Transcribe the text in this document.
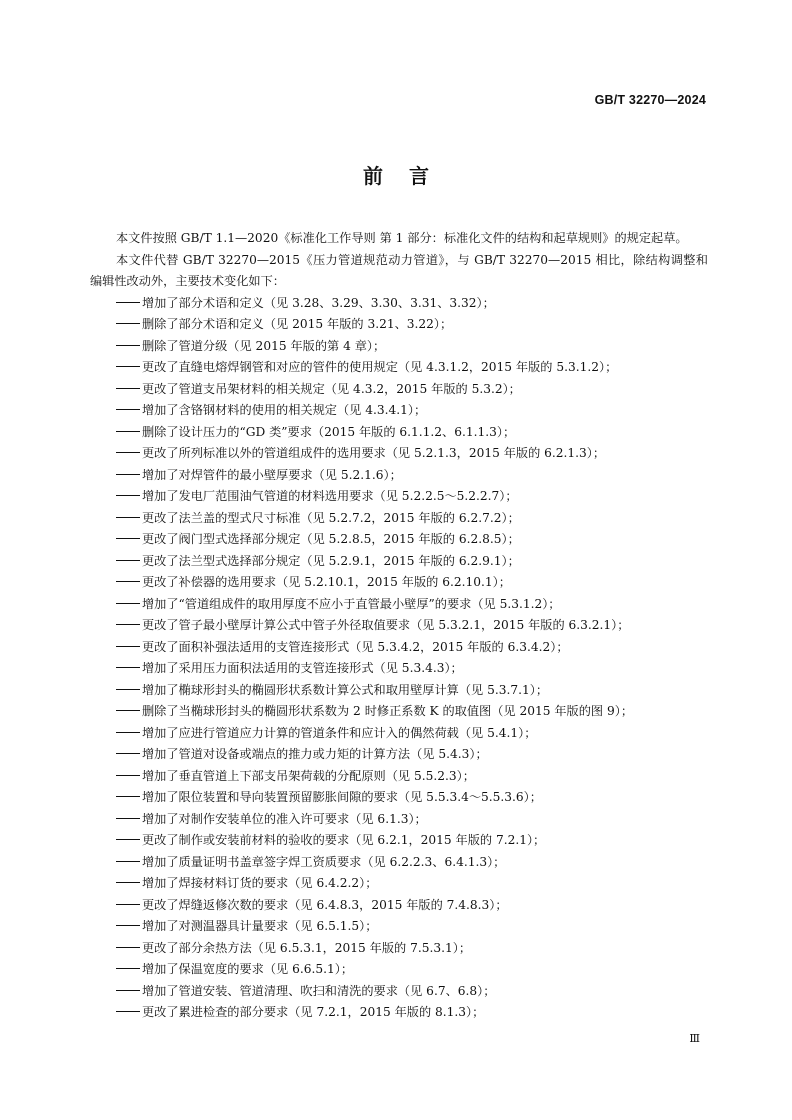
GB/T 32270—2024
前言

本文件按照 GB/T 1.1—2020《标准化工作导则 第 1 部分：标准化文件的结构和起草规则》的规定起草。

本文件代替 GB/T 32270—2015《压力管道规范动力管道》，与 GB/T 32270—2015 相比，除结构调整和编辑性改动外，主要技术变化如下：

增加了部分术语和定义（见 3.28、3.29、3.30、3.31、3.32）；
删除了部分术语和定义（见 2015 年版的 3.21、3.22）；
删除了管道分级（见 2015 年版的第 4 章）；
更改了直缝电熔焊钢管和对应的管件的使用规定（见 4.3.1.2，2015 年版的 5.3.1.2）；
更改了管道支吊架材料的相关规定（见 4.3.2，2015 年版的 5.3.2）；
增加了含铬钢材料的使用的相关规定（见 4.3.4.1）；
删除了设计压力的“GD 类”要求（2015 年版的 6.1.1.2、6.1.1.3）；
更改了所列标准以外的管道组成件的选用要求（见 5.2.1.3，2015 年版的 6.2.1.3）；
增加了对焊管件的最小壁厚要求（见 5.2.1.6）；
增加了发电厂范围油气管道的材料选用要求（见 5.2.2.5～5.2.2.7）；
更改了法兰盖的型式尺寸标准（见 5.2.7.2，2015 年版的 6.2.7.2）；
更改了阀门型式选择部分规定（见 5.2.8.5，2015 年版的 6.2.8.5）；
更改了法兰型式选择部分规定（见 5.2.9.1，2015 年版的 6.2.9.1）；
更改了补偿器的选用要求（见 5.2.10.1，2015 年版的 6.2.10.1）；
增加了“管道组成件的取用厚度不应小于直管最小壁厚”的要求（见 5.3.1.2）；
更改了管子最小壁厚计算公式中管子外径取值要求（见 5.3.2.1，2015 年版的 6.3.2.1）；
更改了面积补强法适用的支管连接形式（见 5.3.4.2，2015 年版的 6.3.4.2）；
增加了采用压力面积法适用的支管连接形式（见 5.3.4.3）；
增加了椭球形封头的椭圆形状系数计算公式和取用壁厚计算（见 5.3.7.1）；
删除了当椭球形封头的椭圆形状系数为 2 时修正系数 K 的取值图（见 2015 年版的图 9）；
增加了应进行管道应力计算的管道条件和应计入的偶然荷载（见 5.4.1）；
增加了管道对设备或端点的推力或力矩的计算方法（见 5.4.3）；
增加了垂直管道上下部支吊架荷载的分配原则（见 5.5.2.3）；
增加了限位装置和导向装置预留膨胀间隙的要求（见 5.5.3.4～5.5.3.6）；
增加了对制作安装单位的准入许可要求（见 6.1.3）；
更改了制作或安装前材料的验收的要求（见 6.2.1，2015 年版的 7.2.1）；
增加了质量证明书盖章签字焊工资质要求（见 6.2.2.3、6.4.1.3）；
增加了焊接材料订货的要求（见 6.4.2.2）；
更改了焊缝返修次数的要求（见 6.4.8.3，2015 年版的 7.4.8.3）；
增加了对测温器具计量要求（见 6.5.1.5）；
更改了部分余热方法（见 6.5.3.1，2015 年版的 7.5.3.1）；
增加了保温宽度的要求（见 6.6.5.1）；
增加了管道安装、管道清理、吹扫和清洗的要求（见 6.7、6.8）；
更改了累进检查的部分要求（见 7.2.1，2015 年版的 8.1.3）；
Ⅲ
